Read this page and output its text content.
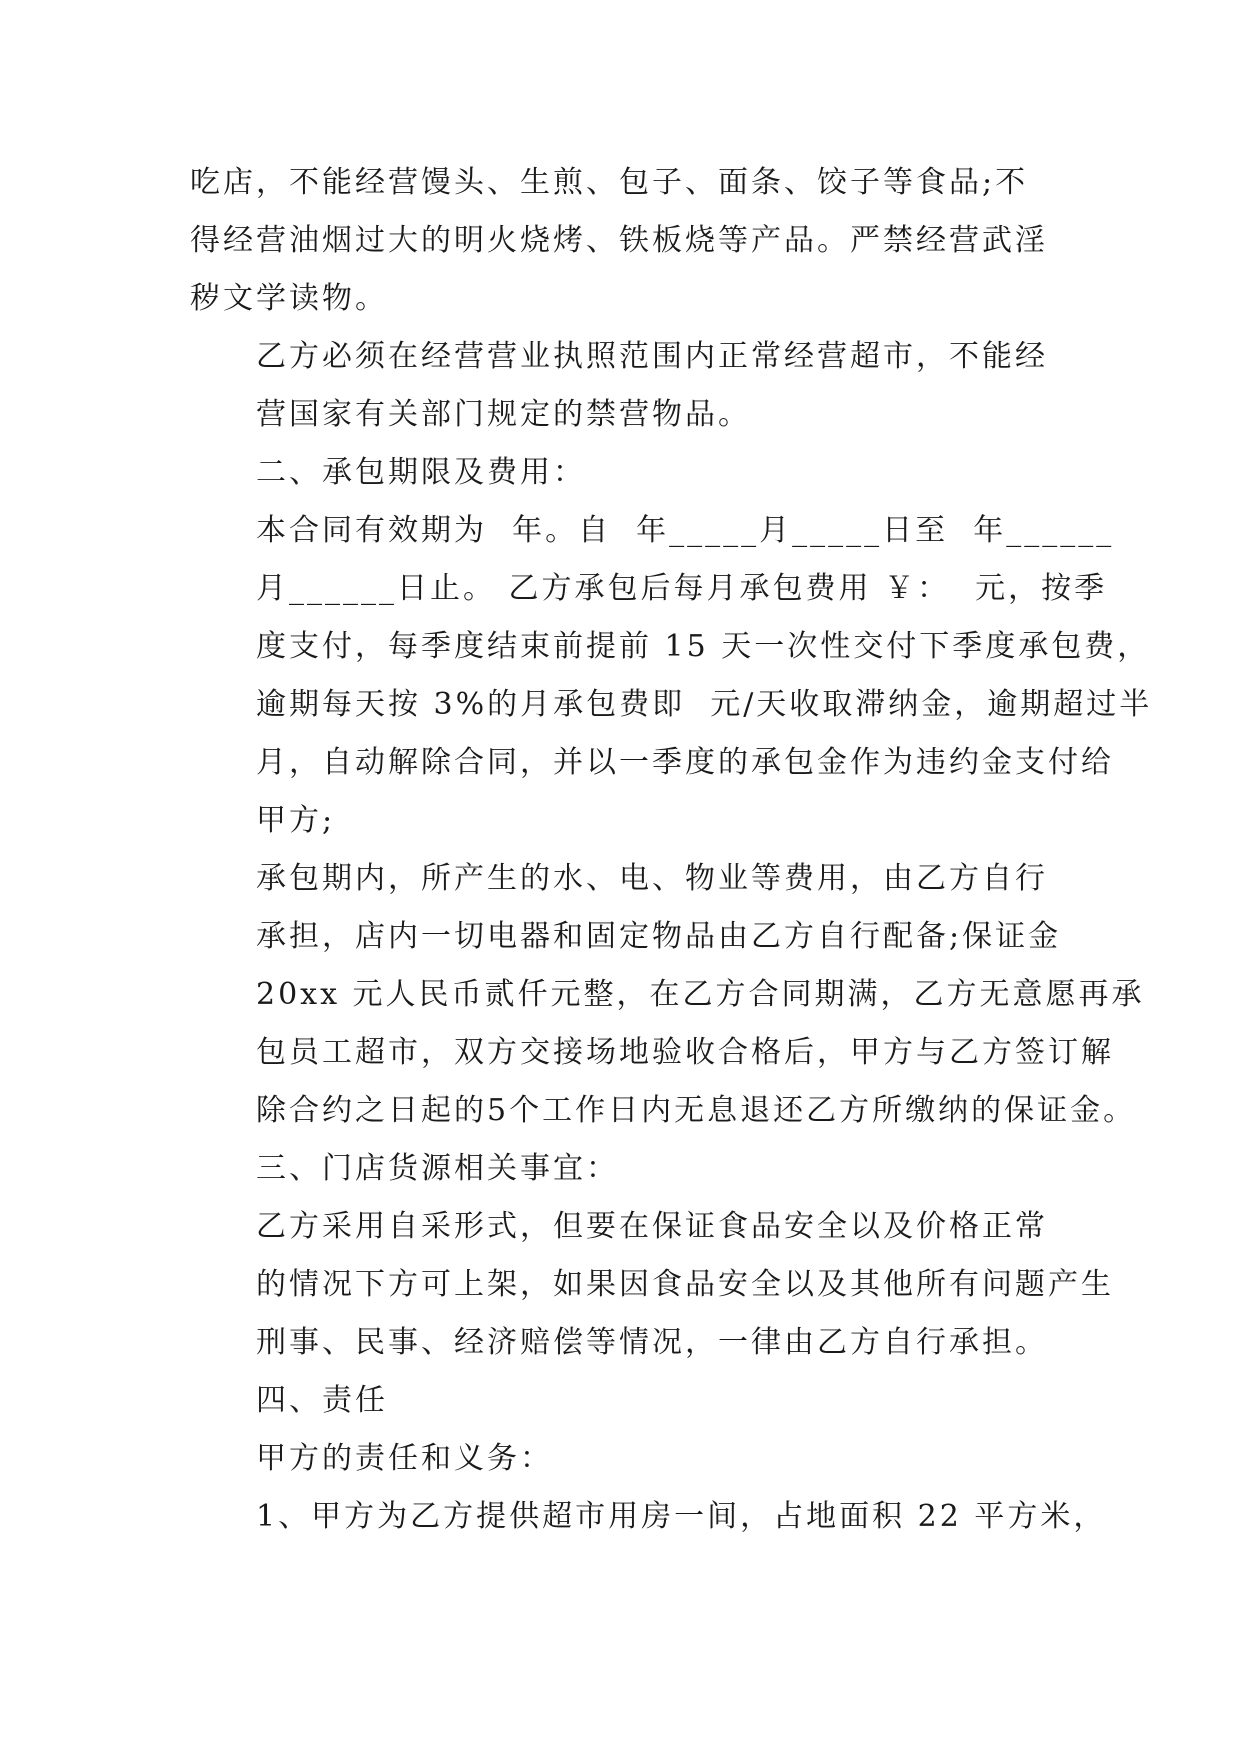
吃店，不能经营馒头、生煎、包子、面条、饺子等食品;不
得经营油烟过大的明火烧烤、铁板烧等产品。严禁经营武淫
秽文学读物。

乙方必须在经营营业执照范围内正常经营超市，不能经
营国家有关部门规定的禁营物品。

二、承包期限及费用：

本合同有效期为  年。自  年_____月_____日至  年______
月______日止。 乙方承包后每月承包费用 ￥：  元，按季
度支付，每季度结束前提前 15 天一次性交付下季度承包费，
逾期每天按 3%的月承包费即  元/天收取滞纳金，逾期超过半
月，自动解除合同，并以一季度的承包金作为违约金支付给
甲方;

承包期内，所产生的水、电、物业等费用，由乙方自行
承担，店内一切电器和固定物品由乙方自行配备;保证金
20xx 元人民币贰仟元整，在乙方合同期满，乙方无意愿再承
包员工超市，双方交接场地验收合格后，甲方与乙方签订解
除合约之日起的5个工作日内无息退还乙方所缴纳的保证金。

三、门店货源相关事宜：

乙方采用自采形式，但要在保证食品安全以及价格正常
的情况下方可上架，如果因食品安全以及其他所有问题产生
刑事、民事、经济赔偿等情况，一律由乙方自行承担。

四、责任

甲方的责任和义务：

1、甲方为乙方提供超市用房一间，占地面积 22 平方米，
